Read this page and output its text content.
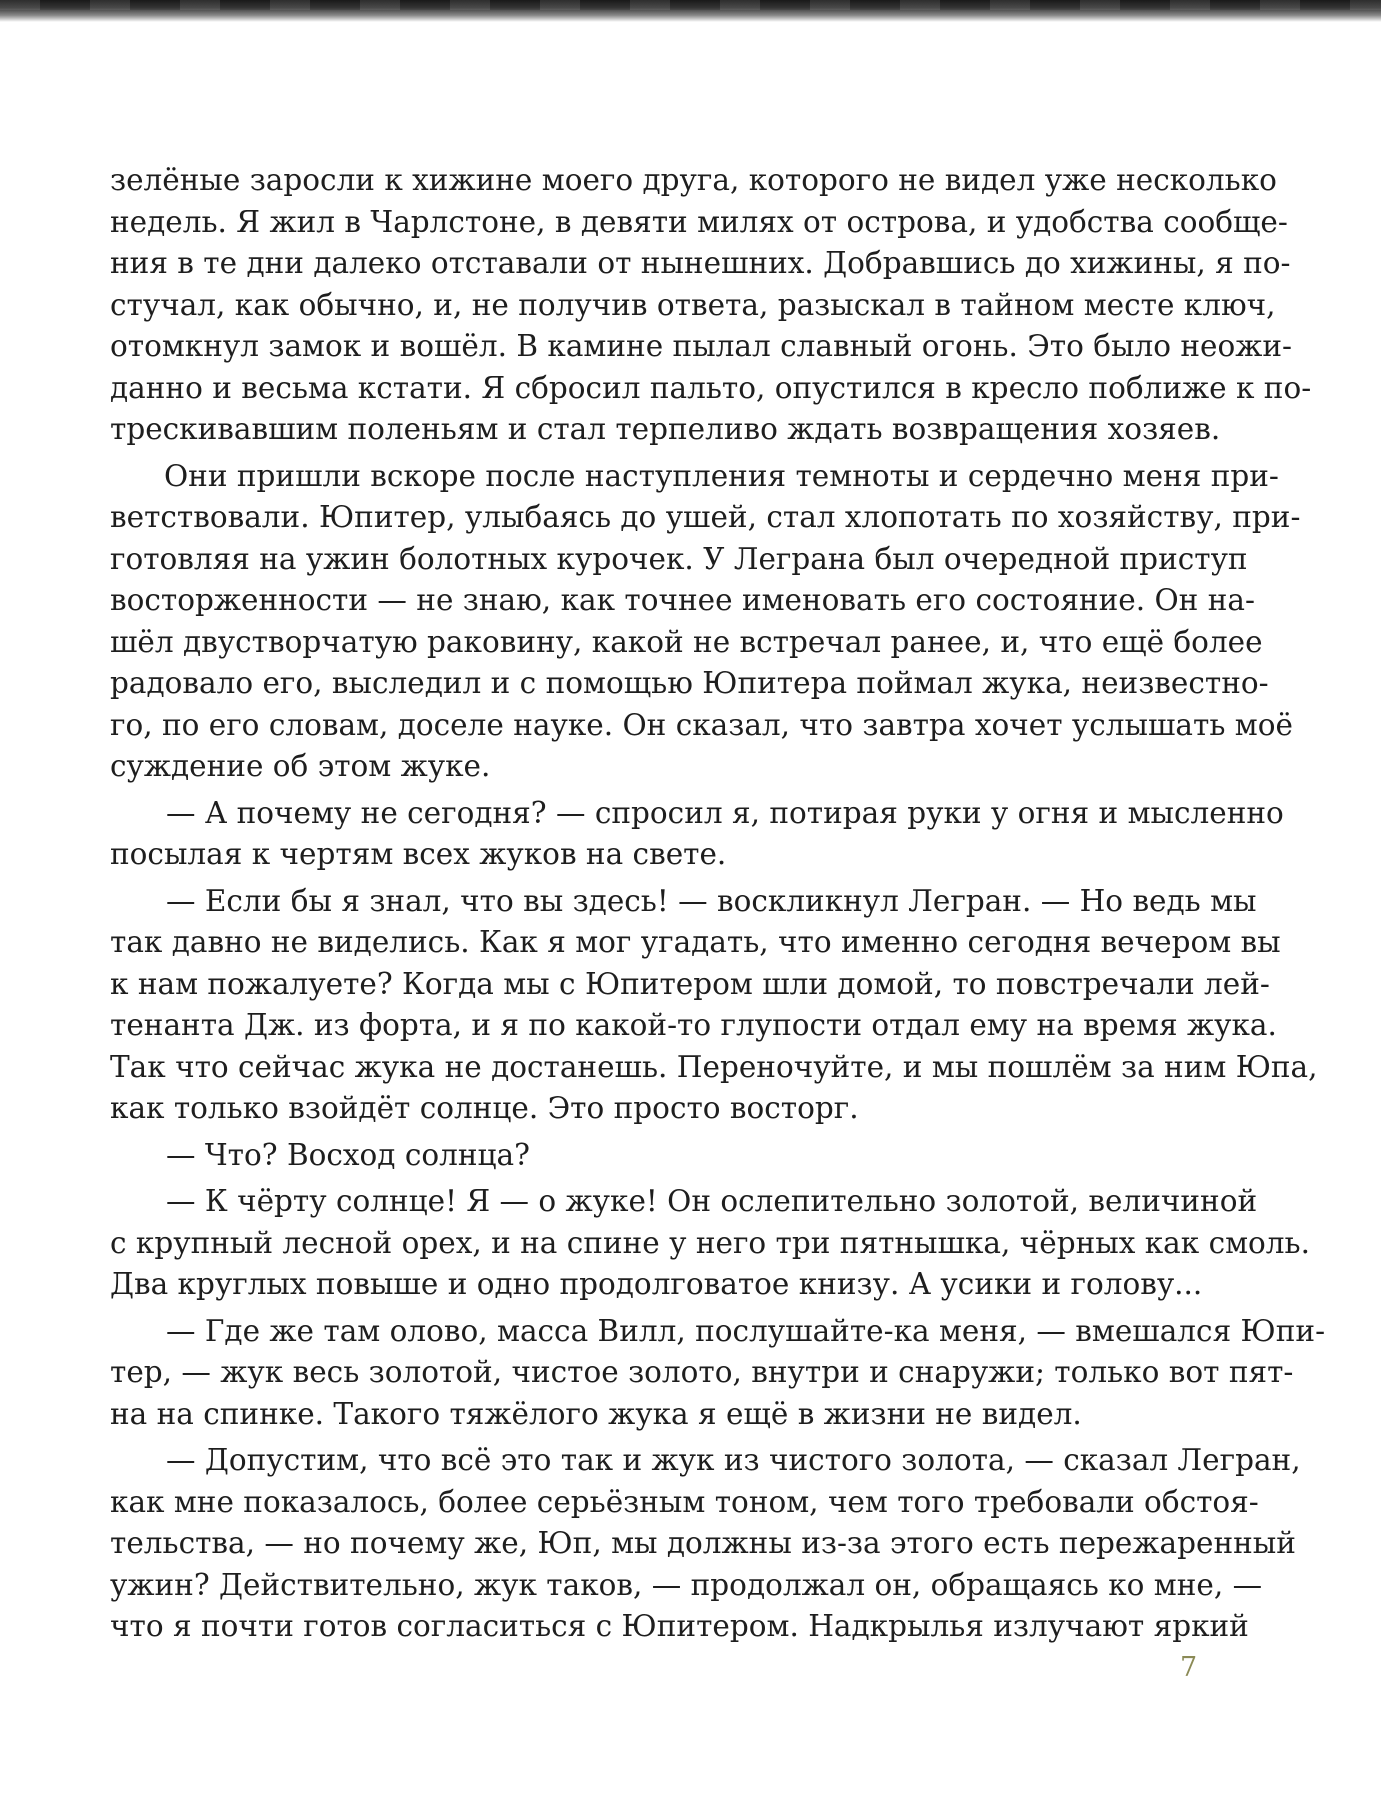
зелёные заросли к хижине моего друга, которого не видел уже несколько
недель. Я жил в Чарлстоне, в девяти милях от острова, и удобства сообще-
ния в те дни далеко отставали от нынешних. Добравшись до хижины, я по-
стучал, как обычно, и, не получив ответа, разыскал в тайном месте ключ,
отомкнул замок и вошёл. В камине пылал славный огонь. Это было неожи-
данно и весьма кстати. Я сбросил пальто, опустился в кресло поближе к по-
трескивавшим поленьям и стал терпеливо ждать возвращения хозяев.
Они пришли вскоре после наступления темноты и сердечно меня при-
ветствовали. Юпитер, улыбаясь до ушей, стал хлопотать по хозяйству, при-
готовляя на ужин болотных курочек. У Леграна был очередной приступ
восторженности — не знаю, как точнее именовать его состояние. Он на-
шёл двустворчатую раковину, какой не встречал ранее, и, что ещё более
радовало его, выследил и с помощью Юпитера поймал жука, неизвестно-
го, по его словам, доселе науке. Он сказал, что завтра хочет услышать моё
суждение об этом жуке.
— А почему не сегодня? — спросил я, потирая руки у огня и мысленно
посылая к чертям всех жуков на свете.
— Если бы я знал, что вы здесь! — воскликнул Легран. — Но ведь мы
так давно не виделись. Как я мог угадать, что именно сегодня вечером вы
к нам пожалуете? Когда мы с Юпитером шли домой, то повстречали лей-
тенанта Дж. из форта, и я по какой-то глупости отдал ему на время жука.
Так что сейчас жука не достанешь. Переночуйте, и мы пошлём за ним Юпа,
как только взойдёт солнце. Это просто восторг.
— Что? Восход солнца?
— К чёрту солнце! Я — о жуке! Он ослепительно золотой, величиной
с крупный лесной орех, и на спине у него три пятнышка, чёрных как смоль.
Два круглых повыше и одно продолговатое книзу. А усики и голову...
— Где же там олово, масса Вилл, послушайте-ка меня, — вмешался Юпи-
тер, — жук весь золотой, чистое золото, внутри и снаружи; только вот пят-
на на спинке. Такого тяжёлого жука я ещё в жизни не видел.
— Допустим, что всё это так и жук из чистого золота, — сказал Легран,
как мне показалось, более серьёзным тоном, чем того требовали обстоя-
тельства, — но почему же, Юп, мы должны из-за этого есть пережаренный
ужин? Действительно, жук таков, — продолжал он, обращаясь ко мне, —
что я почти готов согласиться с Юпитером. Надкрылья излучают яркий
7
